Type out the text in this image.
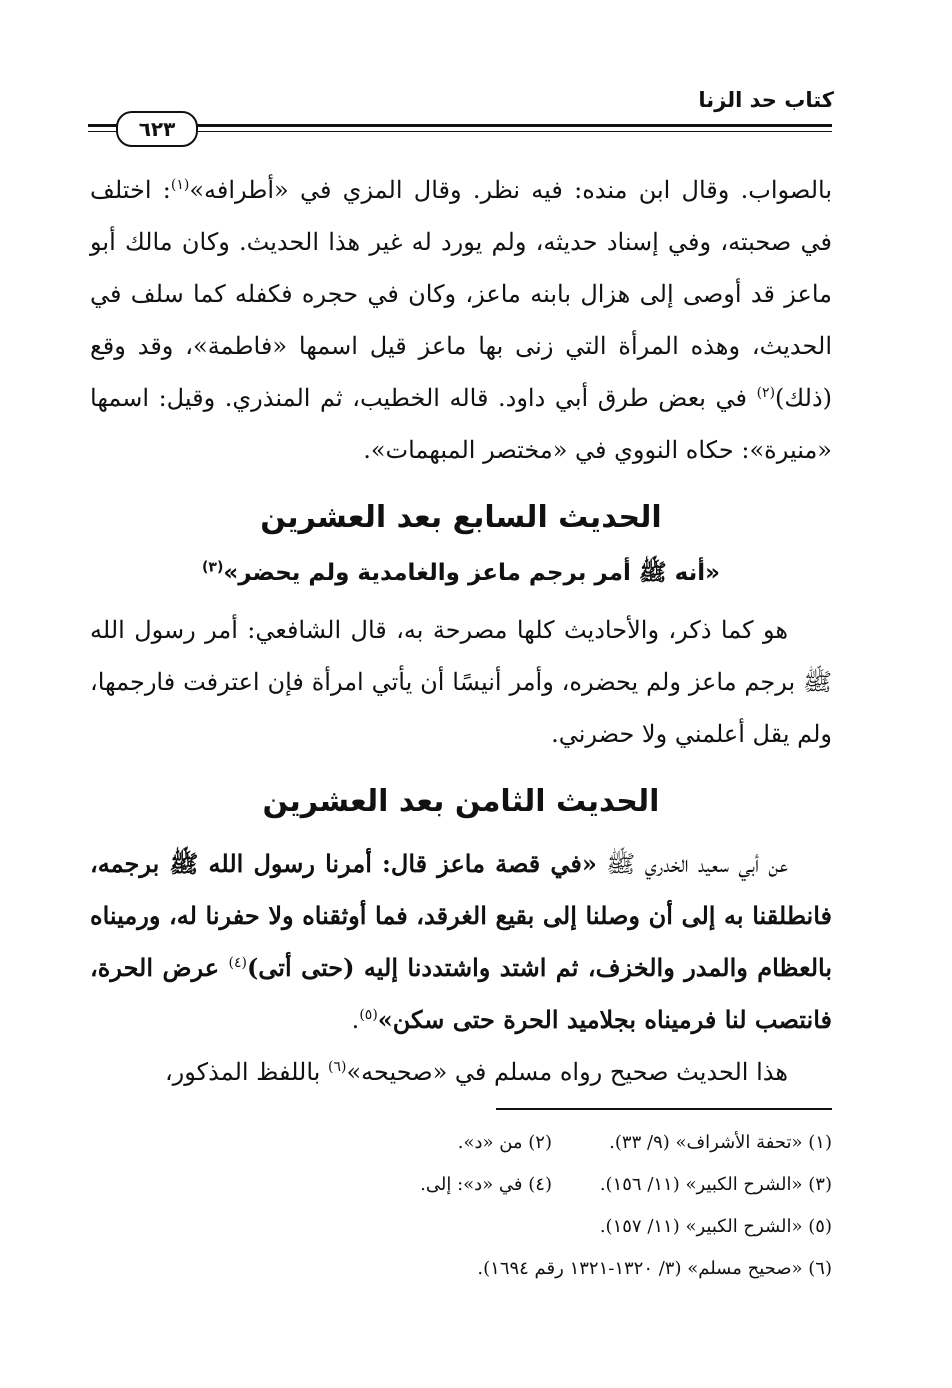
كتاب حد الزنا
٦٢٣

بالصواب. وقال ابن منده: فيه نظر. وقال المزي في «أطرافه»$^{(١)}$: اختلف في صحبته، وفي إسناد حديثه، ولم يورد له غير هذا الحديث. وكان مالك أبو ماعز قد أوصى إلى هزال بابنه ماعز، وكان في حجره فكفله كما سلف في الحديث، وهذه المرأة التي زنى بها ماعز قيل اسمها «فاطمة»، وقد وقع (ذلك)$^{(٢)}$ في بعض طرق أبي داود. قاله الخطيب، ثم المنذري. وقيل: اسمها «منيرة»: حكاه النووي في «مختصر المبهمات».

الحديث السابع بعد العشرين
«أنه ﷺ أمر برجم ماعز والغامدية ولم يحضر»$^{(٣)}$

هو كما ذكر، والأحاديث كلها مصرحة به، قال الشافعي: أمر رسول الله ﷺ برجم ماعز ولم يحضره، وأمر أنيسًا أن يأتي امرأة فإن اعترفت فارجمها، ولم يقل أعلمني ولا حضرني.

الحديث الثامن بعد العشرين

عن أبي سعيد الخدري ﷺ «في قصة ماعز قال: أمرنا رسول الله ﷺ برجمه، فانطلقنا به إلى أن وصلنا إلى بقيع الغرقد، فما أوثقناه ولا حفرنا له، ورميناه بالعظام والمدر والخزف، ثم اشتد واشتددنا إليه (حتى أتى)$^{(٤)}$ عرض الحرة، فانتصب لنا فرميناه بجلاميد الحرة حتى سكن»$^{(٥)}$.

هذا الحديث صحيح رواه مسلم في «صحيحه»$^{(٦)}$ باللفظ المذكور،

(١) «تحفة الأشراف» (٩/ ٣٣).
(٢) من «د».
(٣) «الشرح الكبير» (١١/ ١٥٦).
(٤) في «د»: إلى.
(٥) «الشرح الكبير» (١١/ ١٥٧).
(٦) «صحيح مسلم» (٣/ ١٣٢٠-١٣٢١ رقم ١٦٩٤).
